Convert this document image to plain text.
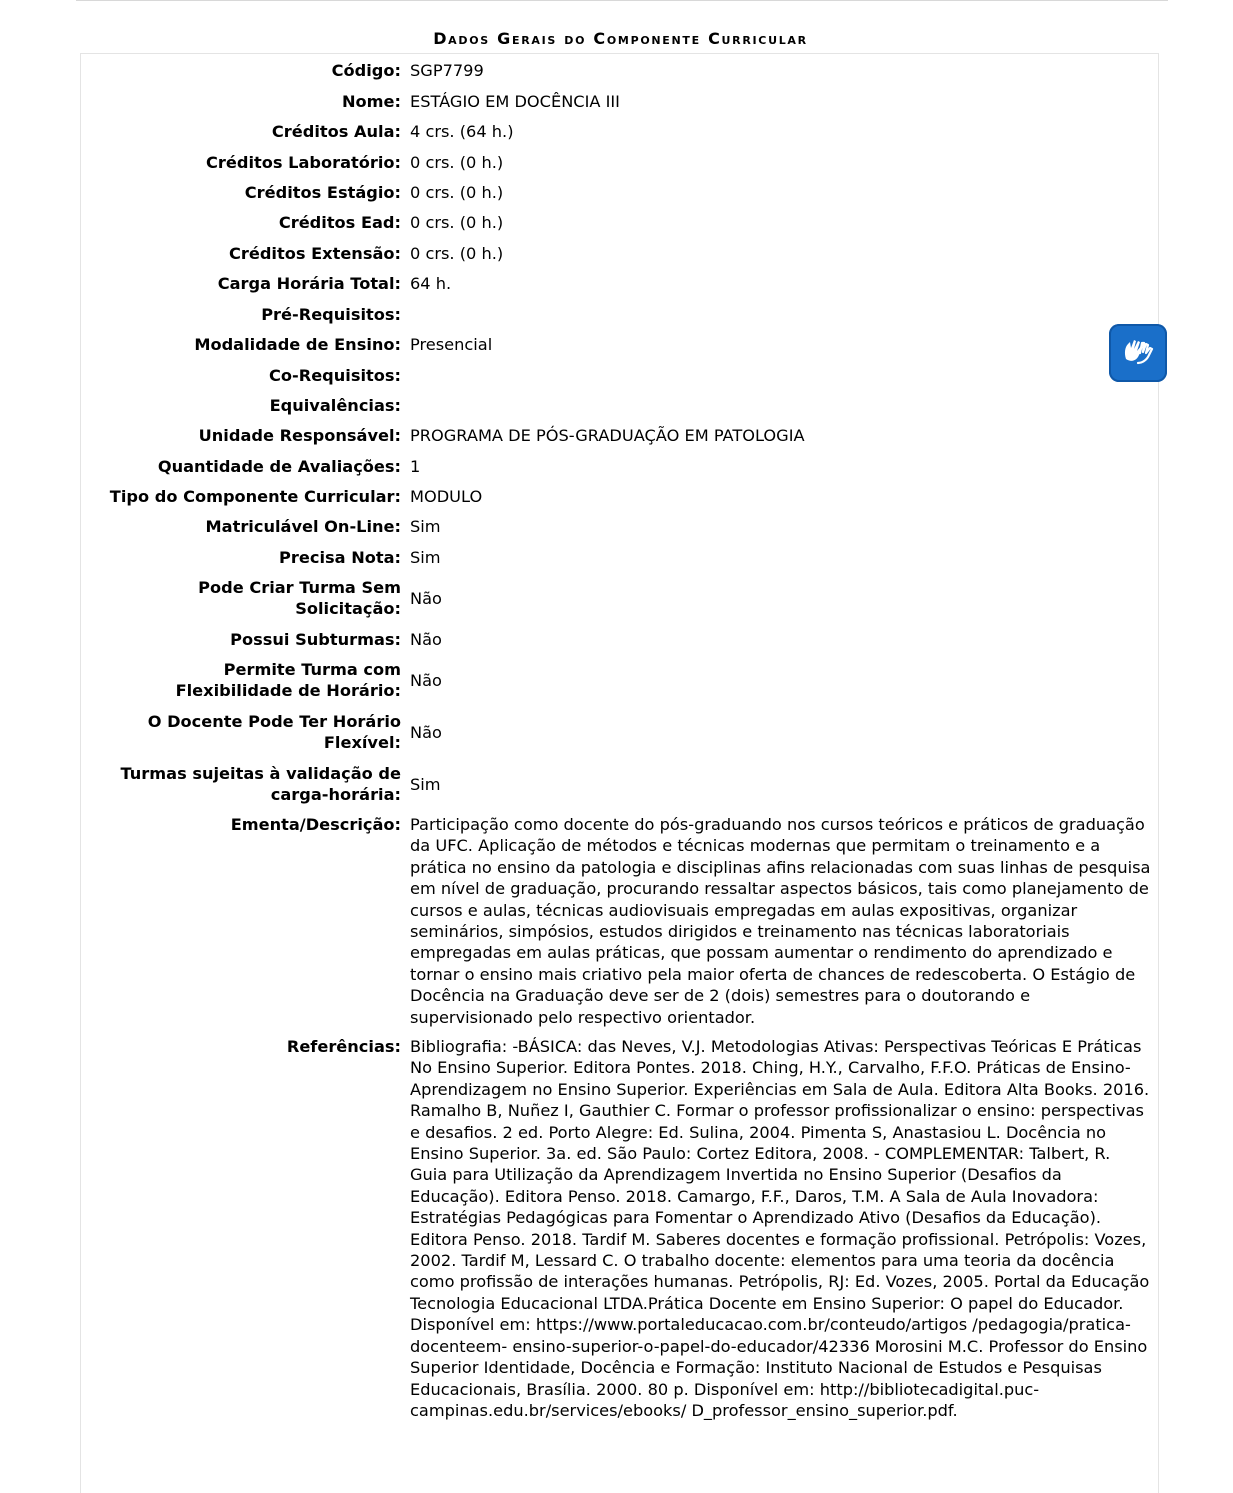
Dados Gerais do Componente Curricular
Código: SGP7799
Nome: ESTÁGIO EM DOCÊNCIA III
Créditos Aula: 4 crs. (64 h.)
Créditos Laboratório: 0 crs. (0 h.)
Créditos Estágio: 0 crs. (0 h.)
Créditos Ead: 0 crs. (0 h.)
Créditos Extensão: 0 crs. (0 h.)
Carga Horária Total: 64 h.
Pré-Requisitos:
Modalidade de Ensino: Presencial
Co-Requisitos:
Equivalências:
Unidade Responsável: PROGRAMA DE PÓS-GRADUAÇÃO EM PATOLOGIA
Quantidade de Avaliações: 1
Tipo do Componente Curricular: MODULO
Matriculável On-Line: Sim
Precisa Nota: Sim
Pode Criar Turma Sem Solicitação:
Não
Possui Subturmas: Não
Permite Turma com Flexibilidade de Horário:
Não
O Docente Pode Ter Horário Flexível:
Não
Turmas sujeitas à validação de carga-horária:
Sim
Ementa/Descrição: Participação como docente do pós-graduando nos cursos teóricos e práticos de graduação da UFC. Aplicação de métodos e técnicas modernas que permitam o treinamento e a prática no ensino da patologia e disciplinas afins relacionadas com suas linhas de pesquisa em nível de graduação, procurando ressaltar aspectos básicos, tais como planejamento de cursos e aulas, técnicas audiovisuais empregadas em aulas expositivas, organizar seminários, simpósios, estudos dirigidos e treinamento nas técnicas laboratoriais empregadas em aulas práticas, que possam aumentar o rendimento do aprendizado e tornar o ensino mais criativo pela maior oferta de chances de redescoberta. O Estágio de Docência na Graduação deve ser de 2 (dois) semestres para o doutorando e supervisionado pelo respectivo orientador.
Referências: Bibliografia: -BÁSICA: das Neves, V.J. Metodologias Ativas: Perspectivas Teóricas E Práticas No Ensino Superior. Editora Pontes. 2018. Ching, H.Y., Carvalho, F.F.O. Práticas de Ensino-Aprendizagem no Ensino Superior. Experiências em Sala de Aula. Editora Alta Books. 2016. Ramalho B, Nuñez I, Gauthier C. Formar o professor profissionalizar o ensino: perspectivas e desafios. 2 ed. Porto Alegre: Ed. Sulina, 2004. Pimenta S, Anastasiou L. Docência no Ensino Superior. 3a. ed. São Paulo: Cortez Editora, 2008. - COMPLEMENTAR: Talbert, R. Guia para Utilização da Aprendizagem Invertida no Ensino Superior (Desafios da Educação). Editora Penso. 2018. Camargo, F.F., Daros, T.M. A Sala de Aula Inovadora: Estratégias Pedagógicas para Fomentar o Aprendizado Ativo (Desafios da Educação). Editora Penso. 2018. Tardif M. Saberes docentes e formação profissional. Petrópolis: Vozes, 2002. Tardif M, Lessard C. O trabalho docente: elementos para uma teoria da docência como profissão de interações humanas. Petrópolis, RJ: Ed. Vozes, 2005. Portal da Educação Tecnologia Educacional LTDA.Prática Docente em Ensino Superior: O papel do Educador. Disponível em: https://www.portaleducacao.com.br/conteudo/artigos /pedagogia/pratica-docenteem- ensino-superior-o-papel-do-educador/42336 Morosini M.C. Professor do Ensino Superior Identidade, Docência e Formação: Instituto Nacional de Estudos e Pesquisas Educacionais, Brasília. 2000. 80 p. Disponível em: http://bibliotecadigital.puc-campinas.edu.br/services/ebooks/ D_professor_ensino_superior.pdf.
